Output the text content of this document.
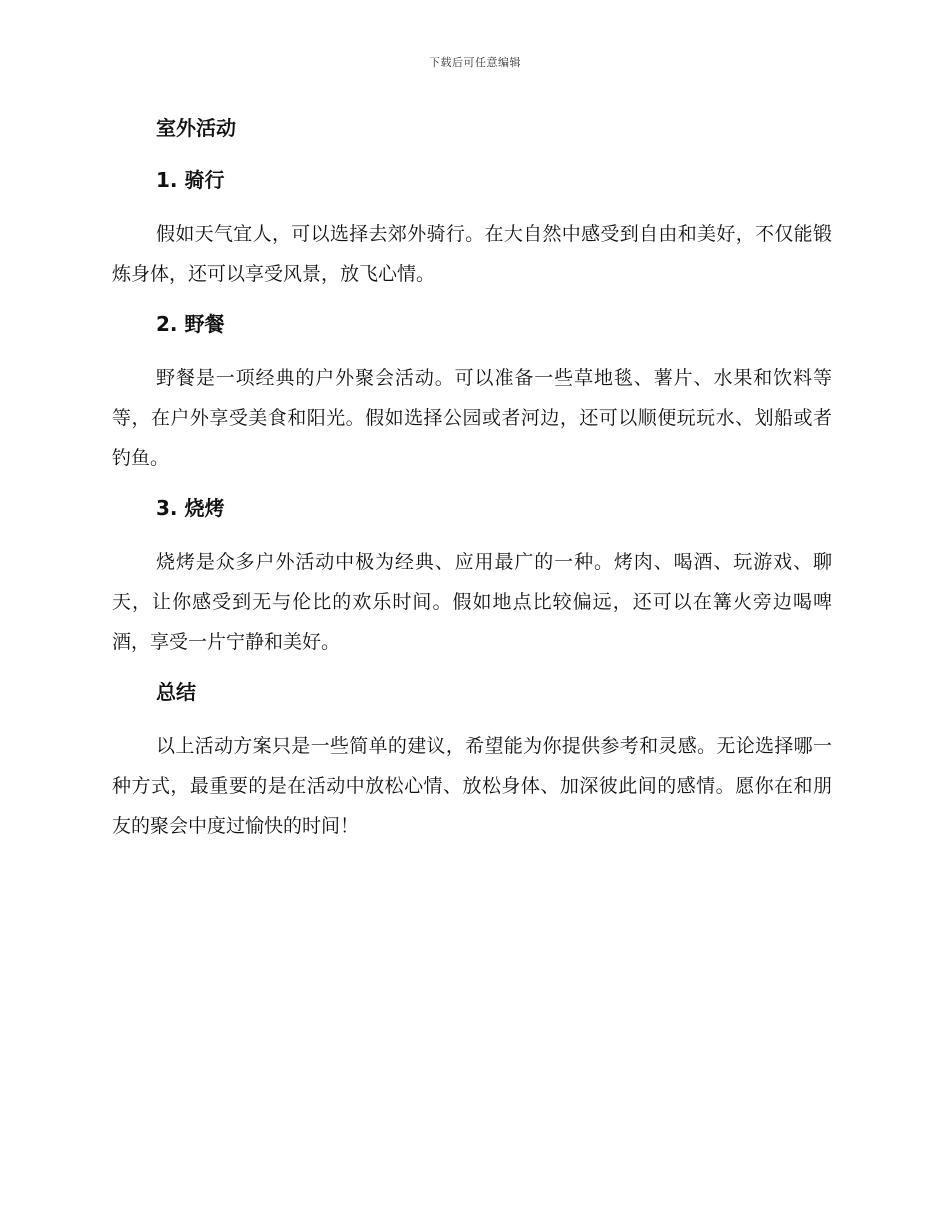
下载后可任意编辑
室外活动
1. 骑行

假如天气宜人，可以选择去郊外骑行。在大自然中感受到自由和美好，不仅能锻炼身体，还可以享受风景，放飞心情。

2. 野餐

野餐是一项经典的户外聚会活动。可以准备一些草地毯、薯片、水果和饮料等等，在户外享受美食和阳光。假如选择公园或者河边，还可以顺便玩玩水、划船或者钓鱼。

3. 烧烤

烧烤是众多户外活动中极为经典、应用最广的一种。烤肉、喝酒、玩游戏、聊天，让你感受到无与伦比的欢乐时间。假如地点比较偏远，还可以在篝火旁边喝啤酒，享受一片宁静和美好。

总结

以上活动方案只是一些简单的建议，希望能为你提供参考和灵感。无论选择哪一种方式，最重要的是在活动中放松心情、放松身体、加深彼此间的感情。愿你在和朋友的聚会中度过愉快的时间！
